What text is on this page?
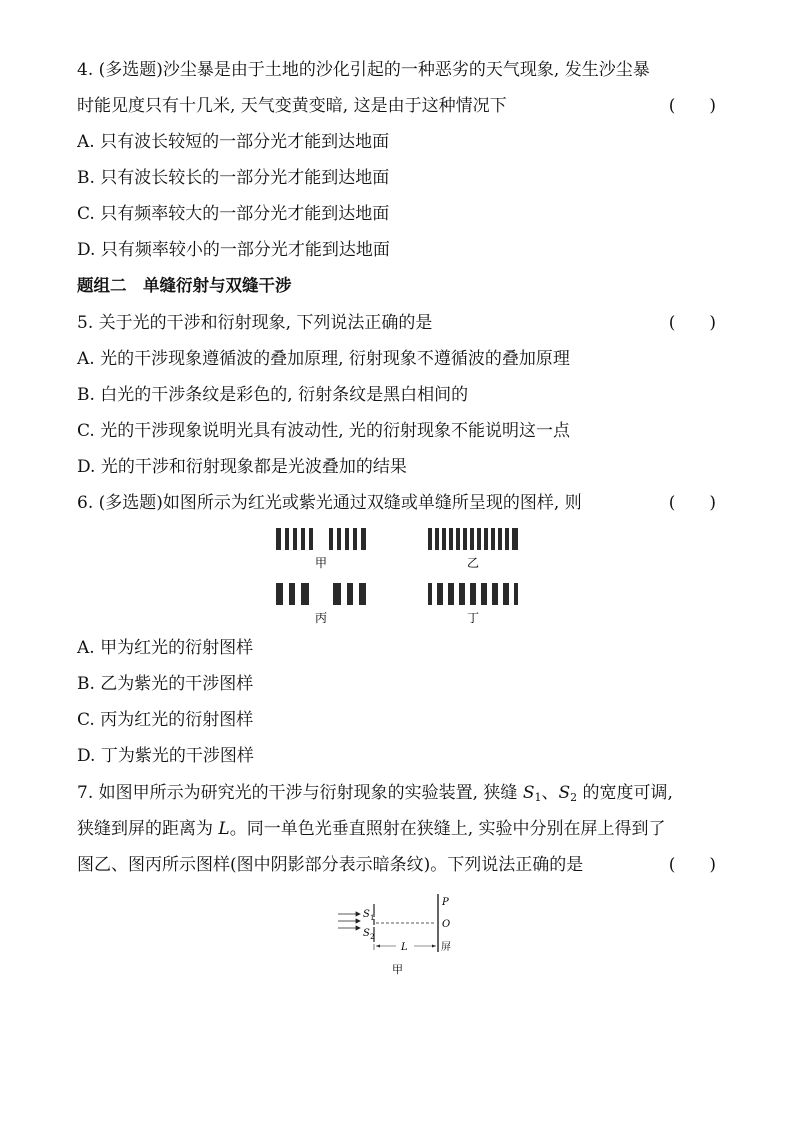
4. (多选题)沙尘暴是由于土地的沙化引起的一种恶劣的天气现象, 发生沙尘暴
时能见度只有十几米, 天气变黄变暗, 这是由于这种情况下	(　　)
A. 只有波长较短的一部分光才能到达地面
B. 只有波长较长的一部分光才能到达地面
C. 只有频率较大的一部分光才能到达地面
D. 只有频率较小的一部分光才能到达地面
题组二　单缝衍射与双缝干涉
5. 关于光的干涉和衍射现象, 下列说法正确的是	(　　)
A. 光的干涉现象遵循波的叠加原理, 衍射现象不遵循波的叠加原理
B. 白光的干涉条纹是彩色的, 衍射条纹是黑白相间的
C. 光的干涉现象说明光具有波动性, 光的衍射现象不能说明这一点
D. 光的干涉和衍射现象都是光波叠加的结果
6. (多选题)如图所示为红光或紫光通过双缝或单缝所呈现的图样, 则	(　　)
甲	乙
丙	丁
A. 甲为红光的衍射图样
B. 乙为紫光的干涉图样
C. 丙为红光的衍射图样
D. 丁为紫光的干涉图样
7. 如图甲所示为研究光的干涉与衍射现象的实验装置, 狭缝 $S_1$、$S_2$ 的宽度可调,
狭缝到屏的距离为 L。同一单色光垂直照射在狭缝上, 实验中分别在屏上得到了
图乙、图丙所示图样(图中阴影部分表示暗条纹)。下列说法正确的是	(　　)
S 1
S 2
P
O
屏
L
甲
